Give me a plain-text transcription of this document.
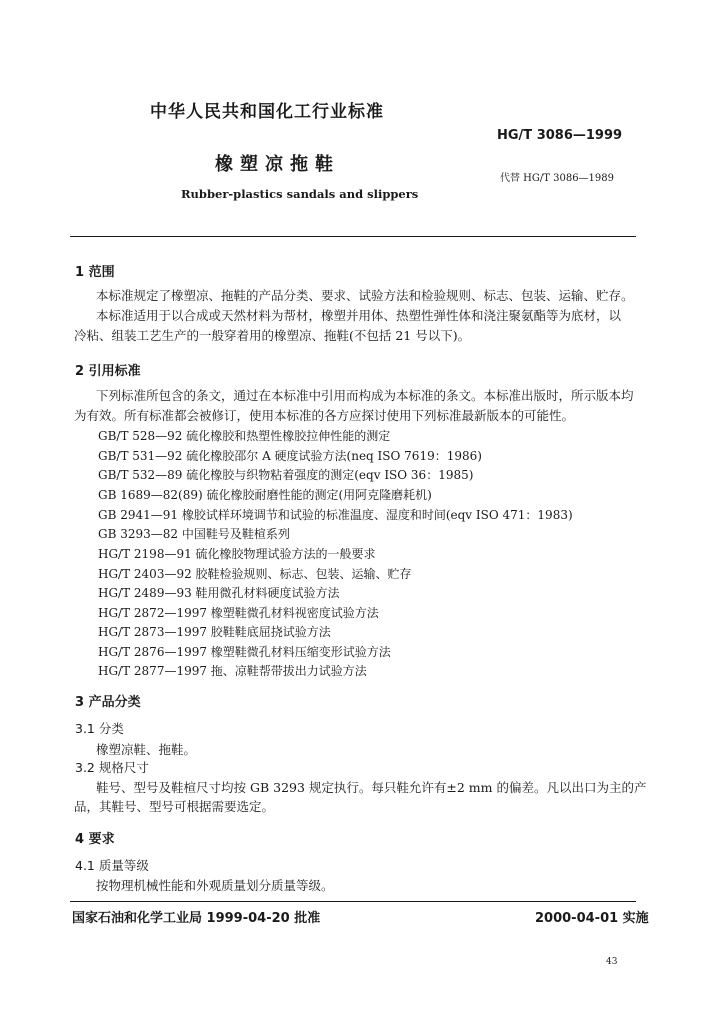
中华人民共和国化工行业标准
HG/T 3086—1999
橡塑凉拖鞋
代替 HG/T 3086—1989
Rubber-plastics sandals and slippers
1 范围
本标准规定了橡塑凉、拖鞋的产品分类、要求、试验方法和检验规则、标志、包装、运输、贮存。
本标准适用于以合成或天然材料为帮材，橡塑并用体、热塑性弹性体和浇注聚氨酯等为底材，以
冷粘、组装工艺生产的一般穿着用的橡塑凉、拖鞋(不包括 21 号以下)。
2 引用标准
下列标准所包含的条文，通过在本标准中引用而构成为本标准的条文。本标准出版时，所示版本均
为有效。所有标准都会被修订，使用本标准的各方应探讨使用下列标准最新版本的可能性。
GB/T 528—92 硫化橡胶和热塑性橡胶拉伸性能的测定
GB/T 531—92 硫化橡胶邵尔 A 硬度试验方法(neq ISO 7619：1986)
GB/T 532—89 硫化橡胶与织物粘着强度的测定(eqv ISO 36：1985)
GB 1689—82(89) 硫化橡胶耐磨性能的测定(用阿克隆磨耗机)
GB 2941—91 橡胶试样环境调节和试验的标准温度、湿度和时间(eqv ISO 471：1983)
GB 3293—82 中国鞋号及鞋楦系列
HG/T 2198—91 硫化橡胶物理试验方法的一般要求
HG/T 2403—92 胶鞋检验规则、标志、包装、运输、贮存
HG/T 2489—93 鞋用微孔材料硬度试验方法
HG/T 2872—1997 橡塑鞋微孔材料视密度试验方法
HG/T 2873—1997 胶鞋鞋底屈挠试验方法
HG/T 2876—1997 橡塑鞋微孔材料压缩变形试验方法
HG/T 2877—1997 拖、凉鞋帮带拔出力试验方法
3 产品分类
3.1 分类
橡塑凉鞋、拖鞋。
3.2 规格尺寸
鞋号、型号及鞋楦尺寸均按 GB 3293 规定执行。每只鞋允许有±2 mm 的偏差。凡以出口为主的产
品，其鞋号、型号可根据需要选定。
4 要求
4.1 质量等级
按物理机械性能和外观质量划分质量等级。
国家石油和化学工业局 1999-04-20 批准	2000-04-01 实施
43
